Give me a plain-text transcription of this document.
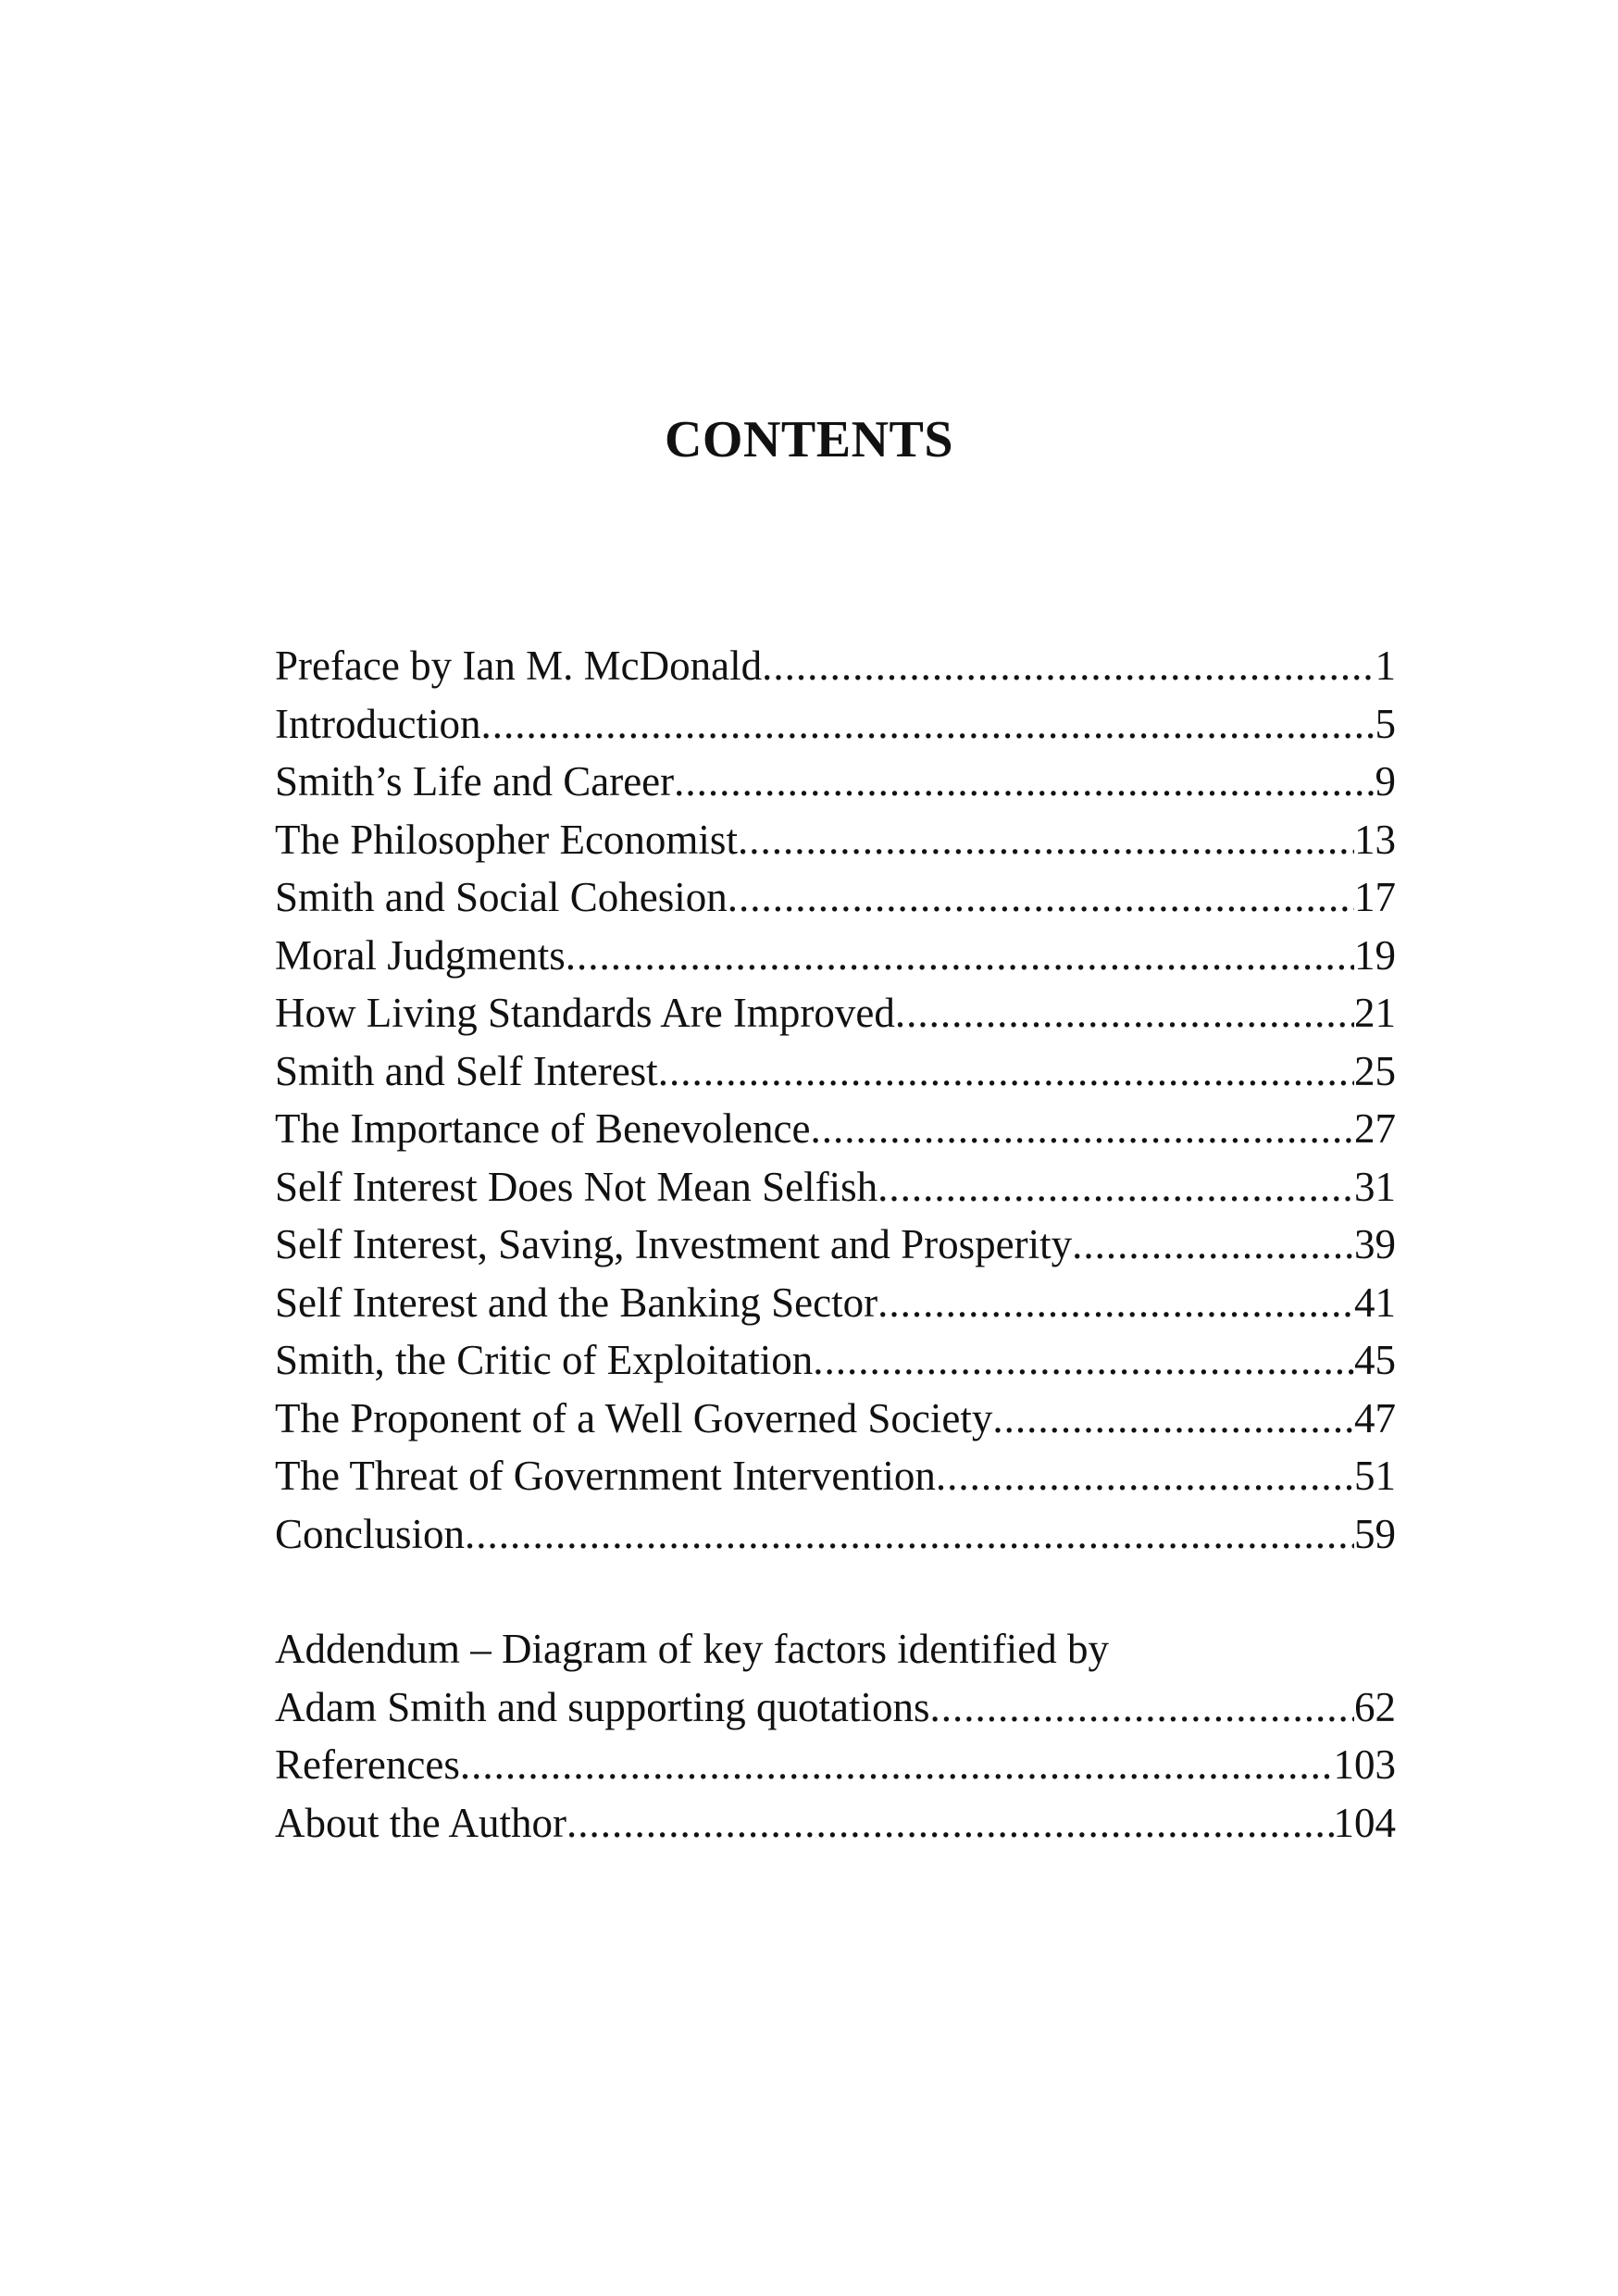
CONTENTS
Preface by Ian M. McDonald .....	1
Introduction .....	5
Smith’s Life and Career .....	9
The Philosopher Economist .....	13
Smith and Social Cohesion .....	17
Moral Judgments .....	19
How Living Standards Are Improved .....	21
Smith and Self Interest .....	25
The Importance of Benevolence .....	27
Self Interest Does Not Mean Selfish .....	31
Self Interest, Saving, Investment and Prosperity .....	39
Self Interest and the Banking Sector .....	41
Smith, the Critic of Exploitation .....	45
The Proponent of a Well Governed Society .....	47
The Threat of Government Intervention .....	51
Conclusion .....	59
Addendum – Diagram of key factors identified by
Adam Smith and supporting quotations .....	62
References .....	103
About the Author .....	104
